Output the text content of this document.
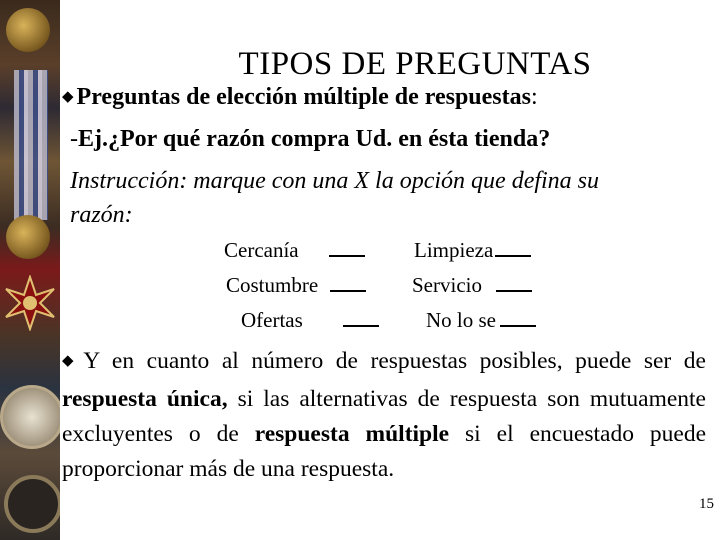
TIPOS DE PREGUNTAS
◆ Preguntas de elección múltiple de respuestas:
-Ej.¿Por qué razón compra Ud. en ésta tienda?
Instrucción: marque con una X la opción que defina su
razón:
Cercanía	Limpieza
Costumbre	Servicio
Ofertas	No lo se
◆ Y en cuanto al número de respuestas posibles, puede ser de respuesta única, si las alternativas de respuesta son mutuamente excluyentes o de respuesta múltiple si el encuestado puede proporcionar más de una respuesta.
15
